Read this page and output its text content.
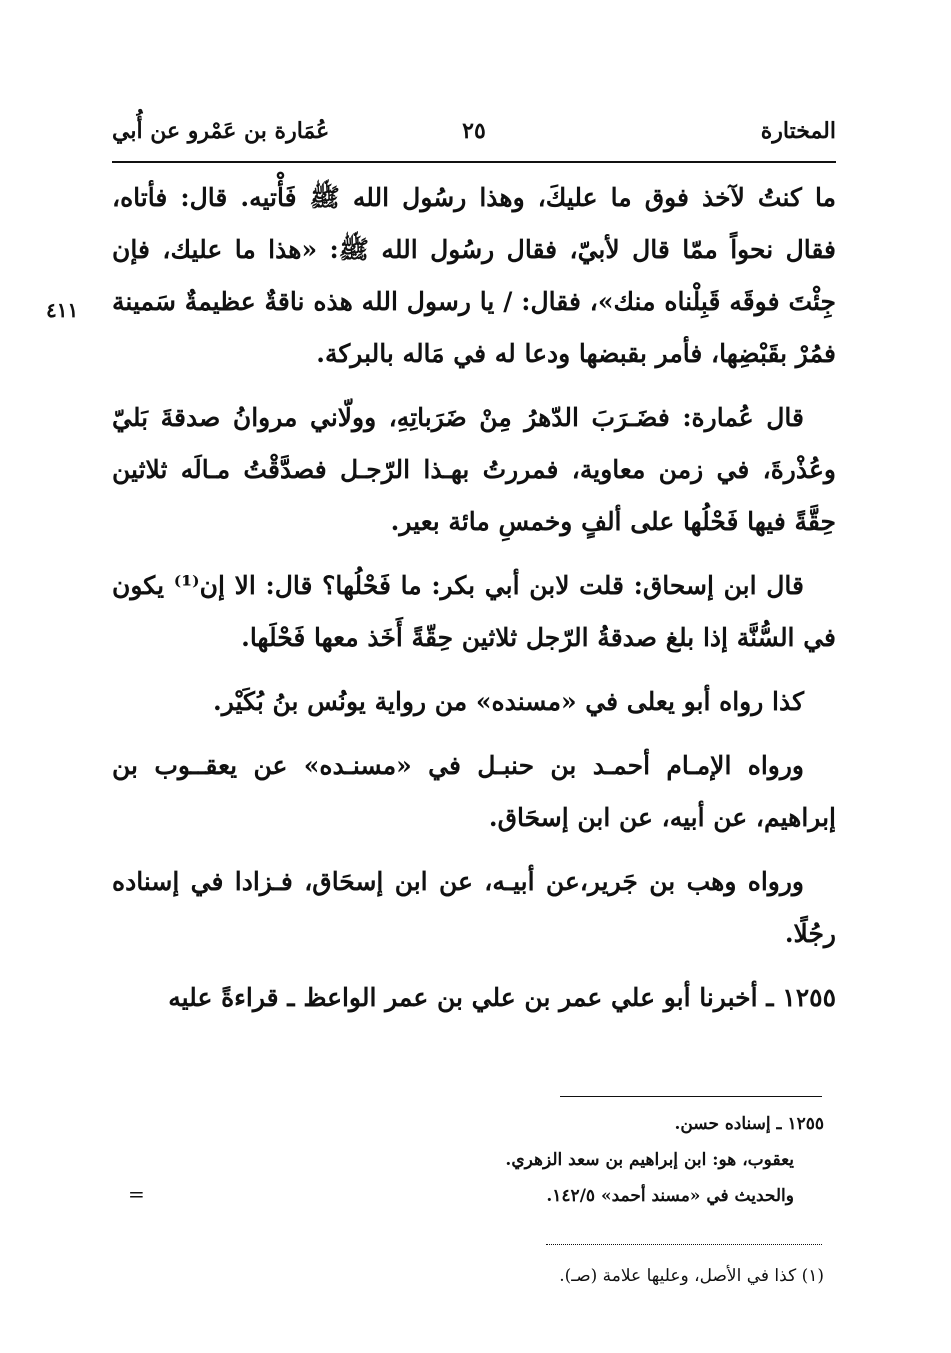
المختارة
٢٥
عُمَارة بن عَمْرو عن أُبي
٤١١

ما كنتُ لآخذ فوق ما عليكَ، وهذا رسُول الله ﷺ فَأْتيه. قال: فأتاه، فقال نحواً ممّا قال لأبيّ، فقال رسُول الله ﷺ: «هذا ما عليك، فإن جِئْتَ فوقَه قَبِلْناه منك»، فقال: / يا رسول الله هذه ناقةٌ عظيمةٌ سَمينة فمُرْ بقَبْضِها، فأمر بقبضها ودعا له في مَاله بالبركة.

قال عُمارة: فضَـرَبَ الدّهرُ مِنْ ضَرَباتِهِ، وولّاني مروانُ صدقةَ بَليّ وعُذْرةَ، في زمن معاوية، فمررتُ بهـذا الرّجـل فصدَّقْتُ مـالَه ثلاثين حِقَّةً فيها فَحْلُها على ألفٍ وخمسِ مائة بعير.

قال ابن إسحاق: قلت لابن أبي بكر: ما فَحْلُها؟ قال: الا إن⁽¹⁾ يكون في السُّنَّة إذا بلغ صدقةُ الرّجل ثلاثين حِقّةً أَخَذ معها فَحْلَها.

كذا رواه أبو يعلى في «مسنده» من رواية يونُس بنُ بُكَيْر.

ورواه الإمـام أحمـد بن حنبـل في «مسنـده» عن يعقــوب بن إبراهيم، عن أبيه، عن ابن إسحَاق.

ورواه وهب بن جَرير،عن أبيـه، عن ابن إسحَاق، فـزادا في إسناده رجُلًا.

١٢٥٥ ـ أخبرنا أبو علي عمر بن علي بن عمر الواعظ ـ قراءةً عليه

١٢٥٥ ـ إسناده حسن.

يعقوب، هو: ابن إبراهيم بن سعد الزهري.

والحديث في «مسند أحمد» ١٤٢/٥.

=
(١) كذا في الأصل، وعليها علامة (صـ).
